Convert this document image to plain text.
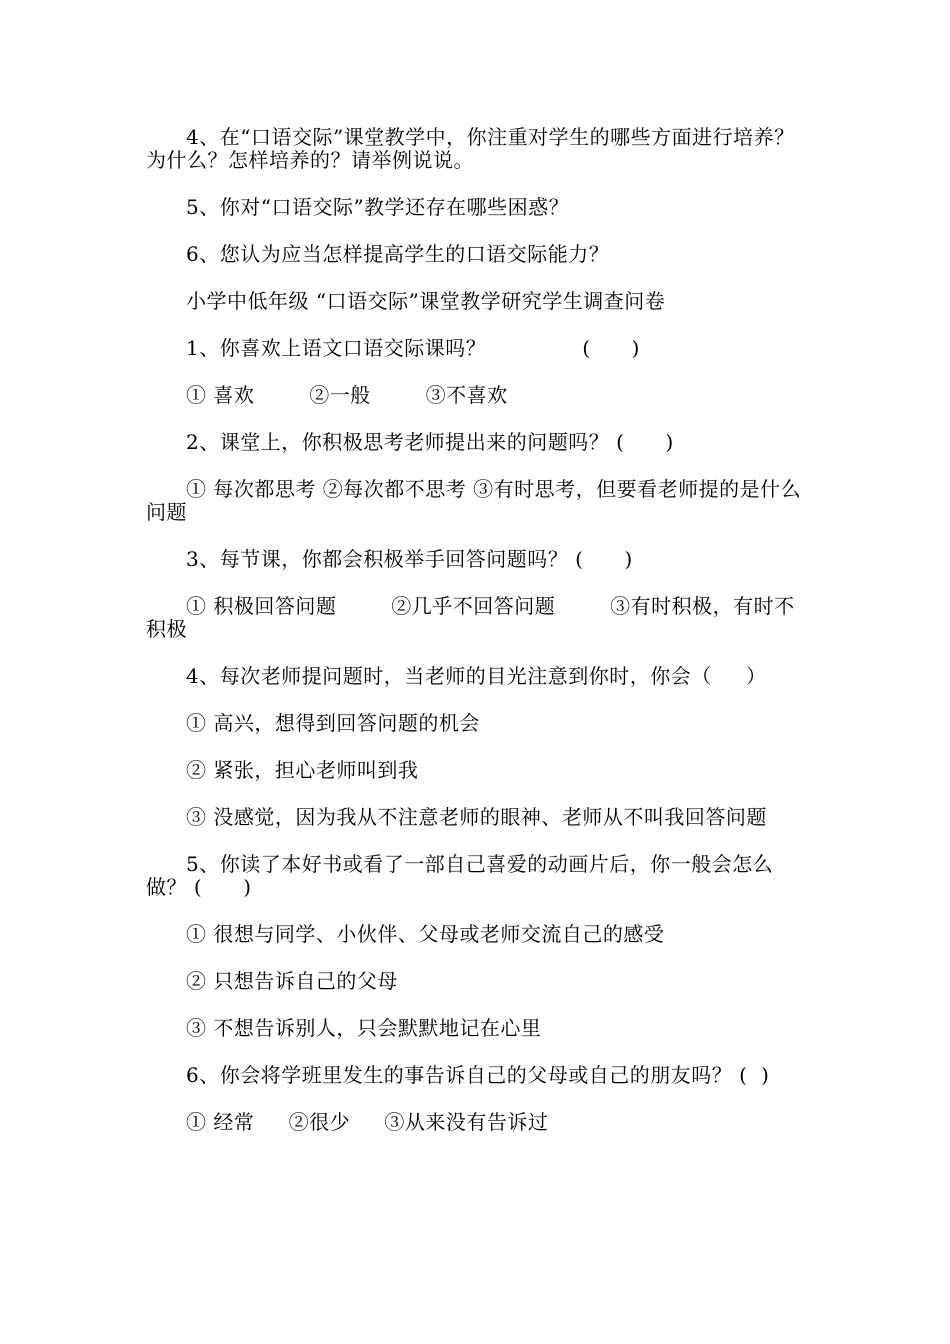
4、在“口语交际”课堂教学中，你注重对学生的哪些方面进行培养？为什么？怎样培养的？请举例说说。

5、你对“口语交际”教学还存在哪些困惑？

6、您认为应当怎样提高学生的口语交际能力？

小学中低年级 “口语交际”课堂教学研究学生调查问卷

1、你喜欢上语文口语交际课吗？              (      )

① 喜欢        ②一般        ③不喜欢

2、课堂上，你积极思考老师提出来的问题吗？ (      )

① 每次都思考 ②每次都不思考 ③有时思考，但要看老师提的是什么问题

3、每节课，你都会积极举手回答问题吗？ (      )

① 积极回答问题        ②几乎不回答问题        ③有时积极，有时不积极

4、每次老师提问题时，当老师的目光注意到你时，你会（     ）

① 高兴，想得到回答问题的机会

② 紧张，担心老师叫到我

③ 没感觉，因为我从不注意老师的眼神、老师从不叫我回答问题

5、你读了本好书或看了一部自己喜爱的动画片后，你一般会怎么做？ (      )

① 很想与同学、小伙伴、父母或老师交流自己的感受

② 只想告诉自己的父母

③ 不想告诉别人，只会默默地记在心里

6、你会将学班里发生的事告诉自己的父母或自己的朋友吗？ (  )

① 经常     ②很少     ③从来没有告诉过
